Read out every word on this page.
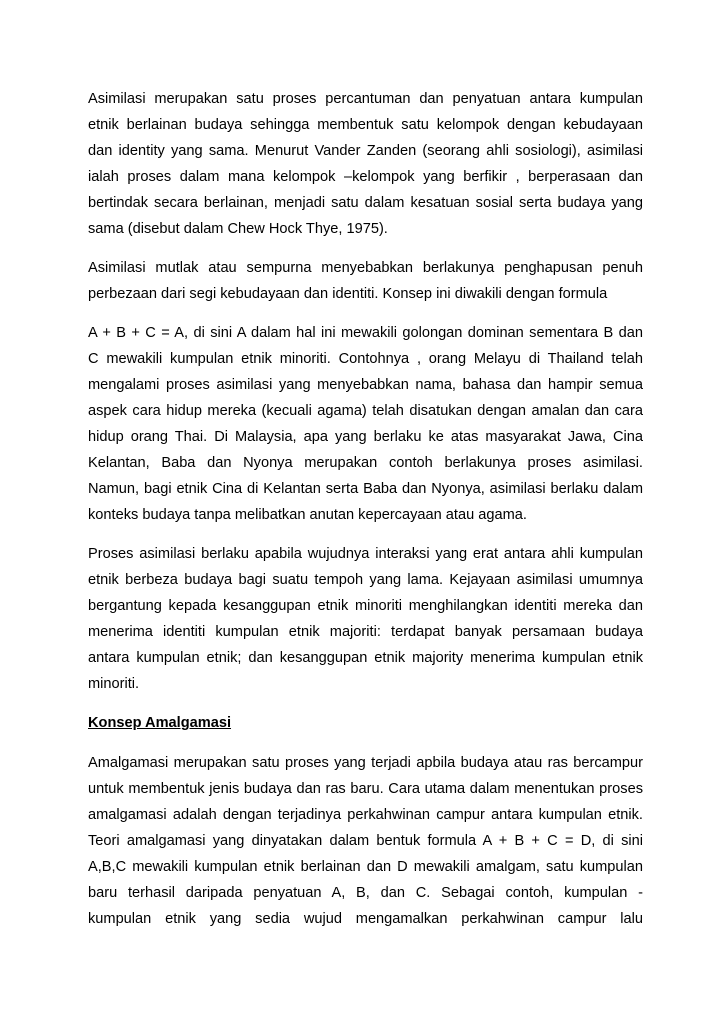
Asimilasi merupakan satu proses percantuman dan penyatuan antara kumpulan
etnik berlainan budaya sehingga membentuk satu kelompok dengan kebudayaan
dan identity yang sama. Menurut Vander Zanden (seorang ahli sosiologi), asimilasi
ialah proses dalam mana kelompok –kelompok yang berfikir , berperasaan dan
bertindak secara berlainan, menjadi satu dalam kesatuan sosial serta budaya yang
sama (disebut dalam Chew Hock Thye, 1975).

Asimilasi mutlak atau sempurna menyebabkan berlakunya penghapusan penuh
perbezaan dari segi kebudayaan dan identiti. Konsep ini diwakili dengan formula

A + B + C = A, di sini A dalam hal ini mewakili golongan dominan sementara B dan
C mewakili kumpulan etnik minoriti. Contohnya , orang Melayu di Thailand telah
mengalami proses asimilasi yang menyebabkan nama, bahasa dan hampir semua
aspek cara hidup mereka (kecuali agama) telah disatukan dengan amalan dan cara
hidup orang Thai. Di Malaysia, apa yang berlaku ke atas masyarakat Jawa, Cina
Kelantan, Baba dan Nyonya merupakan contoh berlakunya proses asimilasi.
Namun, bagi etnik Cina di Kelantan serta Baba dan Nyonya, asimilasi berlaku dalam
konteks budaya tanpa melibatkan anutan kepercayaan atau agama.

Proses asimilasi berlaku apabila wujudnya interaksi yang erat antara ahli kumpulan
etnik berbeza budaya bagi suatu tempoh yang lama. Kejayaan asimilasi umumnya
bergantung kepada kesanggupan etnik minoriti menghilangkan identiti mereka dan
menerima identiti kumpulan etnik majoriti: terdapat banyak persamaan budaya
antara kumpulan etnik; dan kesanggupan etnik majority menerima kumpulan etnik
minoriti.

Konsep Amalgamasi

Amalgamasi merupakan satu proses yang terjadi apbila budaya atau ras bercampur
untuk membentuk jenis budaya dan ras baru. Cara utama dalam menentukan proses
amalgamasi adalah dengan terjadinya perkahwinan campur antara kumpulan etnik.
Teori amalgamasi yang dinyatakan dalam bentuk formula A + B + C = D, di sini
A,B,C mewakili kumpulan etnik berlainan dan D mewakili amalgam, satu kumpulan
baru terhasil daripada penyatuan A, B, dan C. Sebagai contoh, kumpulan -
kumpulan etnik yang sedia wujud mengamalkan perkahwinan campur lalu
